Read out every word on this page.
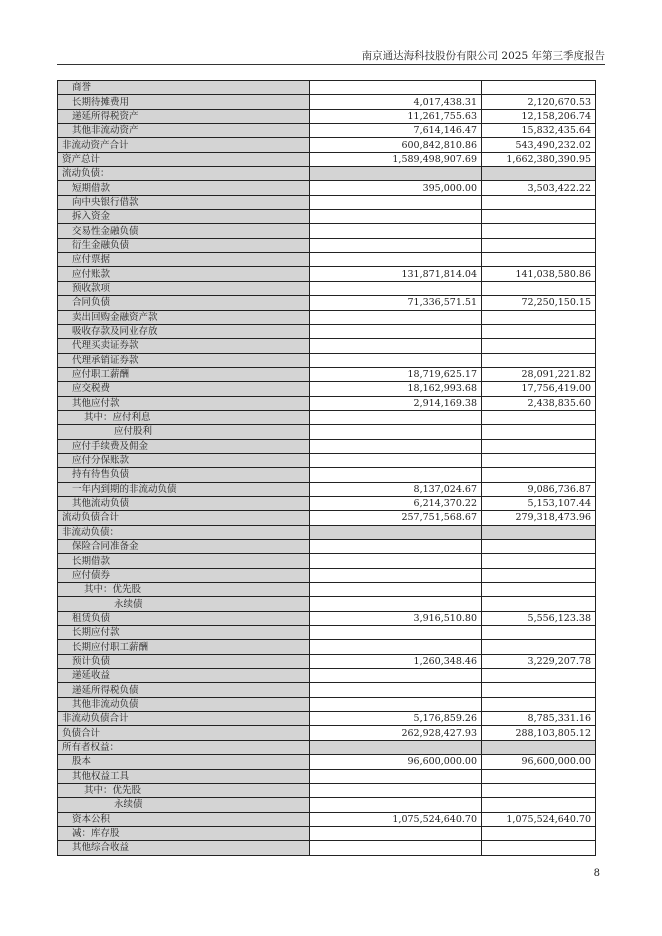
南京通达海科技股份有限公司 2025 年第三季度报告
商誉		
长期待摊费用	4,017,438.31	2,120,670.53
递延所得税资产	11,261,755.63	12,158,206.74
其他非流动资产	7,614,146.47	15,832,435.64
非流动资产合计	600,842,810.86	543,490,232.02
资产总计	1,589,498,907.69	1,662,380,390.95
流动负债：		
短期借款	395,000.00	3,503,422.22
向中央银行借款		
拆入资金		
交易性金融负债		
衍生金融负债		
应付票据		
应付账款	131,871,814.04	141,038,580.86
预收款项		
合同负债	71,336,571.51	72,250,150.15
卖出回购金融资产款		
吸收存款及同业存放		
代理买卖证券款		
代理承销证券款		
应付职工薪酬	18,719,625.17	28,091,221.82
应交税费	18,162,993.68	17,756,419.00
其他应付款	2,914,169.38	2,438,835.60
其中：应付利息		
应付股利		
应付手续费及佣金		
应付分保账款		
持有待售负债		
一年内到期的非流动负债	8,137,024.67	9,086,736.87
其他流动负债	6,214,370.22	5,153,107.44
流动负债合计	257,751,568.67	279,318,473.96
非流动负债：		
保险合同准备金		
长期借款		
应付债券		
其中：优先股		
永续债		
租赁负债	3,916,510.80	5,556,123.38
长期应付款		
长期应付职工薪酬		
预计负债	1,260,348.46	3,229,207.78
递延收益		
递延所得税负债		
其他非流动负债		
非流动负债合计	5,176,859.26	8,785,331.16
负债合计	262,928,427.93	288,103,805.12
所有者权益：		
股本	96,600,000.00	96,600,000.00
其他权益工具		
其中：优先股		
永续债		
资本公积	1,075,524,640.70	1,075,524,640.70
减：库存股		
其他综合收益		
8
